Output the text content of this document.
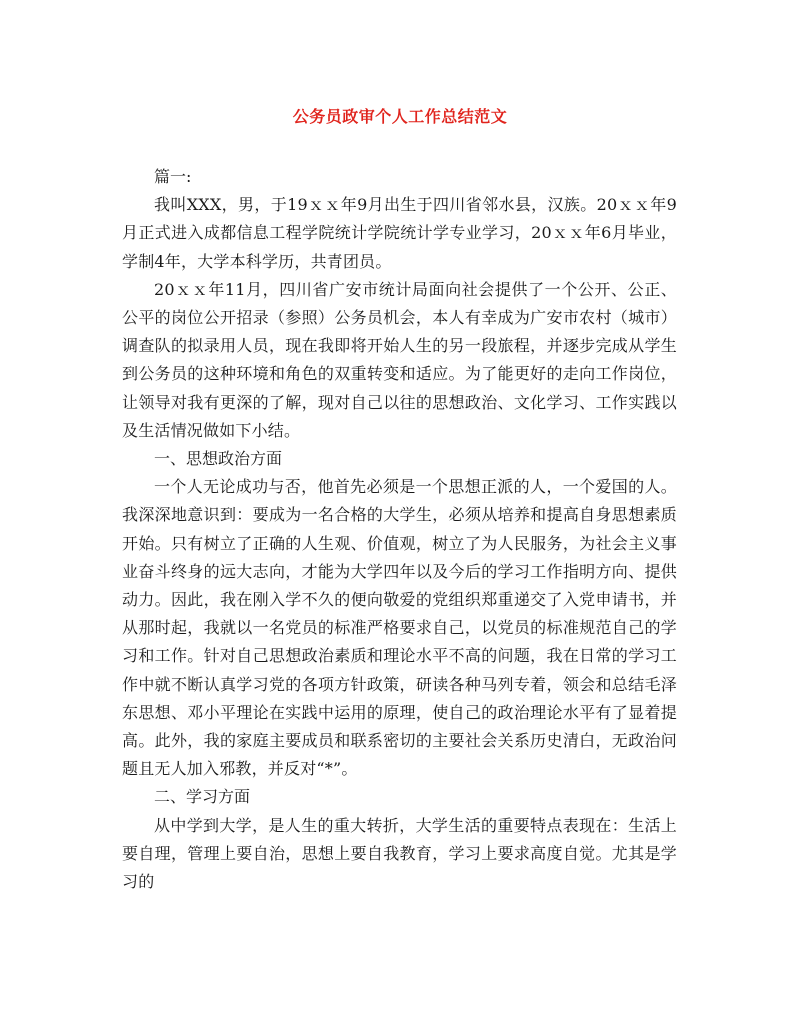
公务员政审个人工作总结范文

篇一:

我叫XXX，男，于19ｘｘ年9月出生于四川省邻水县，汉族。20ｘｘ年9月正式进入成都信息工程学院统计学院统计学专业学习，20ｘｘ年6月毕业，学制4年，大学本科学历，共青团员。

20ｘｘ年11月，四川省广安市统计局面向社会提供了一个公开、公正、公平的岗位公开招录（参照）公务员机会，本人有幸成为广安市农村（城市）调查队的拟录用人员，现在我即将开始人生的另一段旅程，并逐步完成从学生到公务员的这种环境和角色的双重转变和适应。为了能更好的走向工作岗位，让领导对我有更深的了解，现对自己以往的思想政治、文化学习、工作实践以及生活情况做如下小结。

一、思想政治方面

一个人无论成功与否，他首先必须是一个思想正派的人，一个爱国的人。我深深地意识到：要成为一名合格的大学生，必须从培养和提高自身思想素质开始。只有树立了正确的人生观、价值观，树立了为人民服务，为社会主义事业奋斗终身的远大志向，才能为大学四年以及今后的学习工作指明方向、提供动力。因此，我在刚入学不久的便向敬爱的党组织郑重递交了入党申请书，并从那时起，我就以一名党员的标准严格要求自己，以党员的标准规范自己的学习和工作。针对自己思想政治素质和理论水平不高的问题，我在日常的学习工作中就不断认真学习党的各项方针政策，研读各种马列专着，领会和总结毛泽东思想、邓小平理论在实践中运用的原理，使自己的政治理论水平有了显着提高。此外，我的家庭主要成员和联系密切的主要社会关系历史清白，无政治问题且无人加入邪教，并反对“*”。

二、学习方面

从中学到大学，是人生的重大转折，大学生活的重要特点表现在：生活上要自理，管理上要自治，思想上要自我教育，学习上要求高度自觉。尤其是学习的
